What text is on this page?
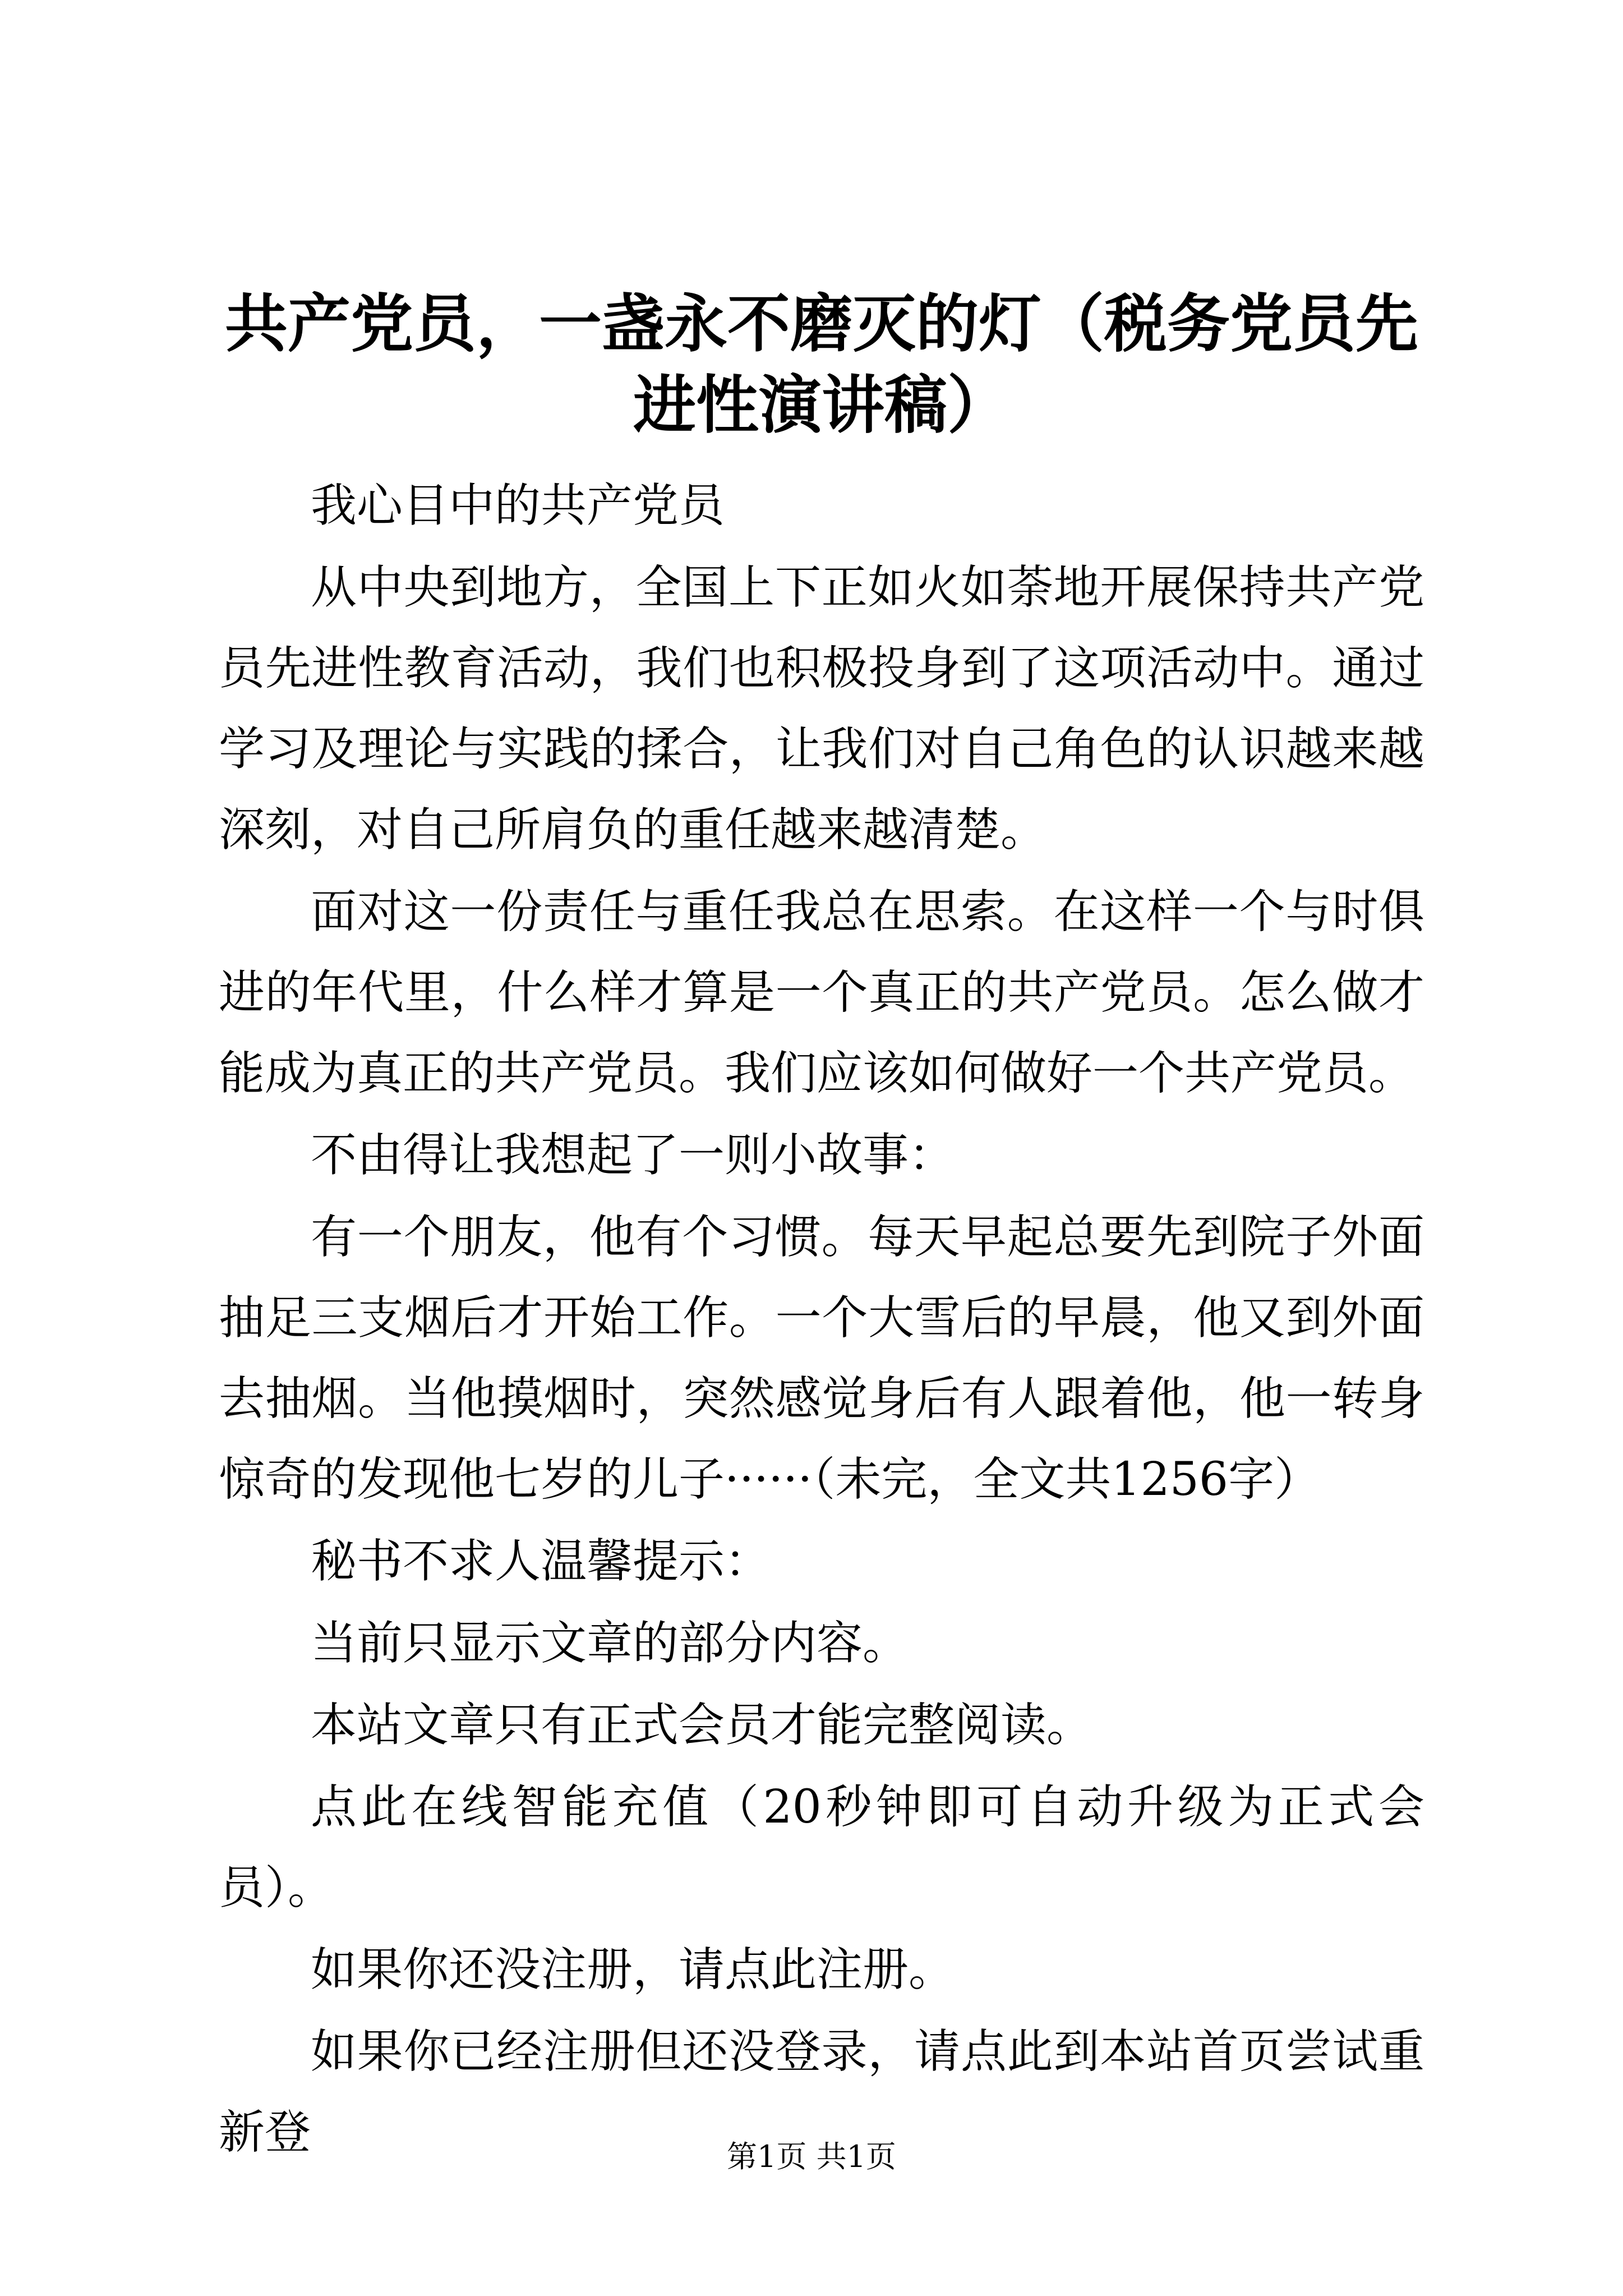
共产党员，一盏永不磨灭的灯（税务党员先进性演讲稿）

我心目中的共产党员

从中央到地方，全国上下正如火如荼地开展保持共产党员先进性教育活动，我们也积极投身到了这项活动中。通过学习及理论与实践的揉合，让我们对自己角色的认识越来越深刻，对自己所肩负的重任越来越清楚。

面对这一份责任与重任我总在思索。在这样一个与时俱进的年代里，什么样才算是一个真正的共产党员。怎么做才能成为真正的共产党员。我们应该如何做好一个共产党员。

不由得让我想起了一则小故事：

有一个朋友，他有个习惯。每天早起总要先到院子外面抽足三支烟后才开始工作。一个大雪后的早晨，他又到外面去抽烟。当他摸烟时，突然感觉身后有人跟着他，他一转身惊奇的发现他七岁的儿子······（未完，全文共1256字）

秘书不求人温馨提示：

当前只显示文章的部分内容。

本站文章只有正式会员才能完整阅读。

点此在线智能充值（20秒钟即可自动升级为正式会员）。

如果你还没注册，请点此注册。

如果你已经注册但还没登录，请点此到本站首页尝试重新登	第1页 共1页
